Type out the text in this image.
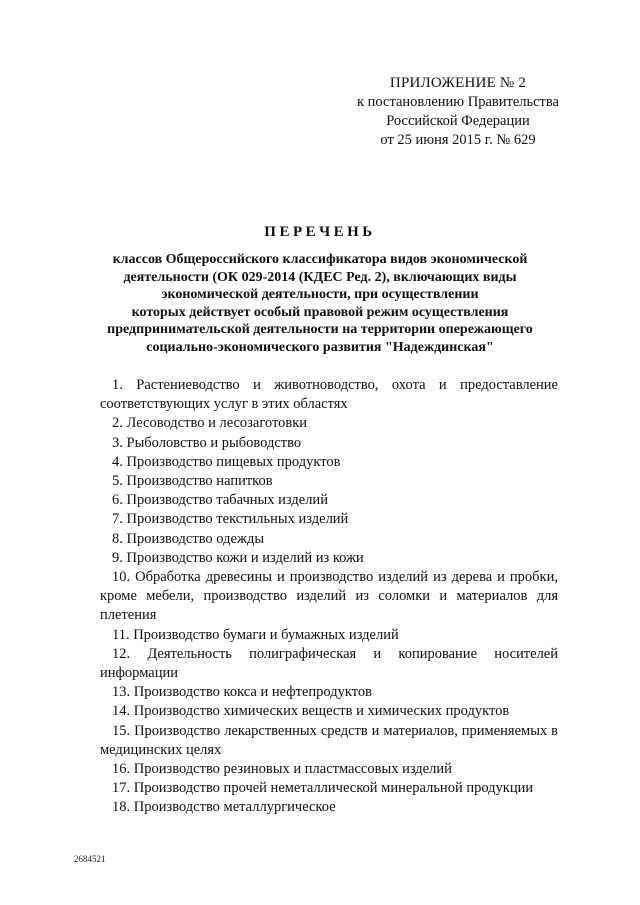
ПРИЛОЖЕНИЕ № 2
к постановлению Правительства
Российской Федерации
от 25 июня 2015 г. № 629
ПЕРЕЧЕНЬ
классов Общероссийского классификатора видов экономической
деятельности (ОК 029-2014 (КДЕС Ред. 2), включающих виды
экономической деятельности, при осуществлении
которых действует особый правовой режим осуществления
предпринимательской деятельности на территории опережающего
социально-экономического развития "Надеждинская"

1. Растениеводство и животноводство, охота и предоставление соответствующих услуг в этих областях

2. Лесоводство и лесозаготовки

3. Рыболовство и рыбоводство

4. Производство пищевых продуктов

5. Производство напитков

6. Производство табачных изделий

7. Производство текстильных изделий

8. Производство одежды

9. Производство кожи и изделий из кожи

10. Обработка древесины и производство изделий из дерева и пробки, кроме мебели, производство изделий из соломки и материалов для плетения

11. Производство бумаги и бумажных изделий

12. Деятельность полиграфическая и копирование носителей информации

13. Производство кокса и нефтепродуктов

14. Производство химических веществ и химических продуктов

15. Производство лекарственных средств и материалов, применяемых в медицинских целях

16. Производство резиновых и пластмассовых изделий

17. Производство прочей неметаллической минеральной продукции

18. Производство металлургическое

2684521
